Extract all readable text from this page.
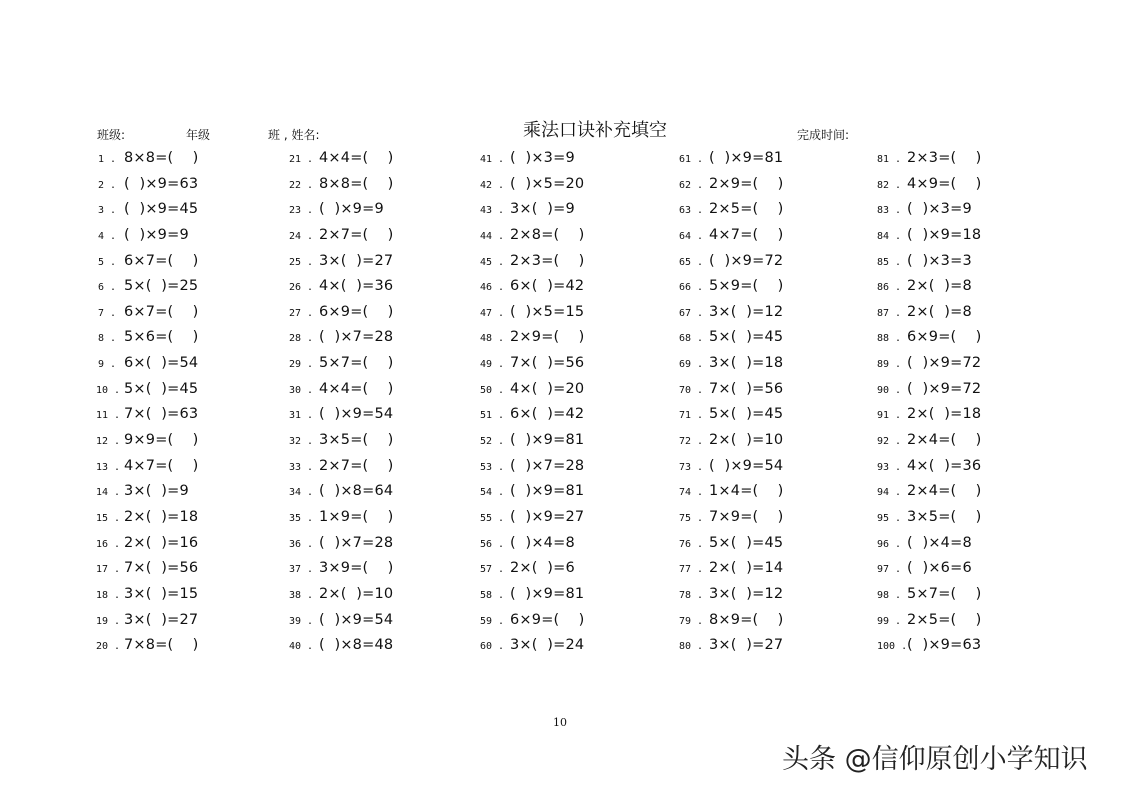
班级:	年级	班 , 姓名:	乘法口诀补充填空	完成时间:
1 . 8×8=(    )
2 . (  )×9=63
3 . (  )×9=45
4 . (  )×9=9
5 . 6×7=(    )
6 . 5×(  )=25
7 . 6×7=(    )
8 . 5×6=(    )
9 . 6×(  )=54
10 . 5×(  )=45
11 . 7×(  )=63
12 . 9×9=(    )
13 . 4×7=(    )
14 . 3×(  )=9
15 . 2×(  )=18
16 . 2×(  )=16
17 . 7×(  )=56
18 . 3×(  )=15
19 . 3×(  )=27
20 . 7×8=(    )
21 . 4×4=(    )
22 . 8×8=(    )
23 . (  )×9=9
24 . 2×7=(    )
25 . 3×(  )=27
26 . 4×(  )=36
27 . 6×9=(    )
28 . (  )×7=28
29 . 5×7=(    )
30 . 4×4=(    )
31 . (  )×9=54
32 . 3×5=(    )
33 . 2×7=(    )
34 . (  )×8=64
35 . 1×9=(    )
36 . (  )×7=28
37 . 3×9=(    )
38 . 2×(  )=10
39 . (  )×9=54
40 . (  )×8=48
41 . (  )×3=9
42 . (  )×5=20
43 . 3×(  )=9
44 . 2×8=(    )
45 . 2×3=(    )
46 . 6×(  )=42
47 . (  )×5=15
48 . 2×9=(    )
49 . 7×(  )=56
50 . 4×(  )=20
51 . 6×(  )=42
52 . (  )×9=81
53 . (  )×7=28
54 . (  )×9=81
55 . (  )×9=27
56 . (  )×4=8
57 . 2×(  )=6
58 . (  )×9=81
59 . 6×9=(    )
60 . 3×(  )=24
61 . (  )×9=81
62 . 2×9=(    )
63 . 2×5=(    )
64 . 4×7=(    )
65 . (  )×9=72
66 . 5×9=(    )
67 . 3×(  )=12
68 . 5×(  )=45
69 . 3×(  )=18
70 . 7×(  )=56
71 . 5×(  )=45
72 . 2×(  )=10
73 . (  )×9=54
74 . 1×4=(    )
75 . 7×9=(    )
76 . 5×(  )=45
77 . 2×(  )=14
78 . 3×(  )=12
79 . 8×9=(    )
80 . 3×(  )=27
81 . 2×3=(    )
82 . 4×9=(    )
83 . (  )×3=9
84 . (  )×9=18
85 . (  )×3=3
86 . 2×(  )=8
87 . 2×(  )=8
88 . 6×9=(    )
89 . (  )×9=72
90 . (  )×9=72
91 . 2×(  )=18
92 . 2×4=(    )
93 . 4×(  )=36
94 . 2×4=(    )
95 . 3×5=(    )
96 . (  )×4=8
97 . (  )×6=6
98 . 5×7=(    )
99 . 2×5=(    )
100 .(  )×9=63
10
头条 @信仰原创小学知识
